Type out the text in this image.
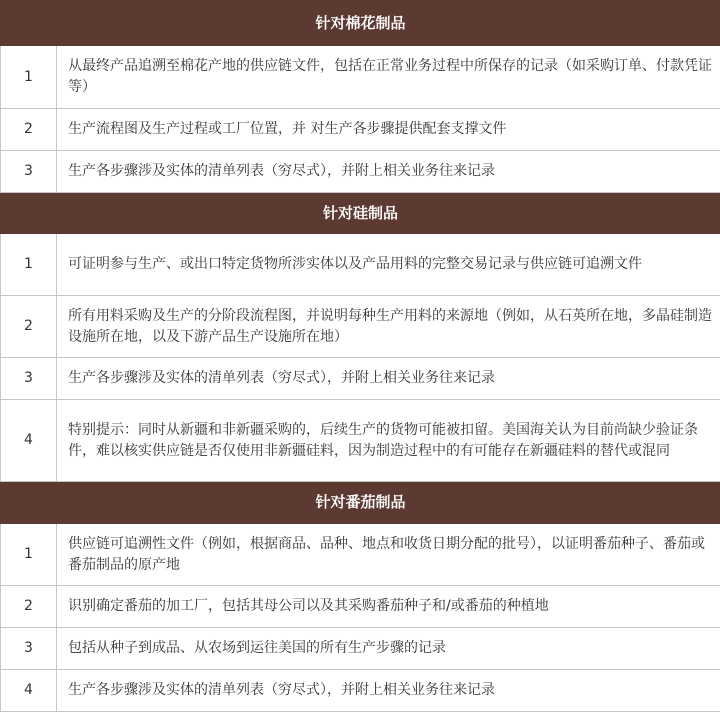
针对棉花制品	
1	从最终产品追溯至棉花产地的供应链文件，包括在正常业务过程中所保存的记录（如采购订单、付款凭证等）
2	生产流程图及生产过程或工厂位置，并 对生产各步骤提供配套支撑文件
3	生产各步骤涉及实体的清单列表（穷尽式），并附上相关业务往来记录
针对硅制品	
1	可证明参与生产、或出口特定货物所涉实体以及产品用料的完整交易记录与供应链可追溯文件
2	所有用料采购及生产的分阶段流程图，并说明每种生产用料的来源地（例如，从石英所在地，多晶硅制造设施所在地，以及下游产品生产设施所在地）
3	生产各步骤涉及实体的清单列表（穷尽式），并附上相关业务往来记录
4	特别提示：同时从新疆和非新疆采购的，后续生产的货物可能被扣留。美国海关认为目前尚缺少验证条件，难以核实供应链是否仅使用非新疆硅料，因为制造过程中的有可能存在新疆硅料的替代或混同
针对番茄制品	
1	供应链可追溯性文件（例如，根据商品、品种、地点和收货日期分配的批号），以证明番茄种子、番茄或番茄制品的原产地
2	识别确定番茄的加工厂，包括其母公司以及其采购番茄种子和/或番茄的种植地
3	包括从种子到成品、从农场到运往美国的所有生产步骤的记录
4	生产各步骤涉及实体的清单列表（穷尽式），并附上相关业务往来记录
